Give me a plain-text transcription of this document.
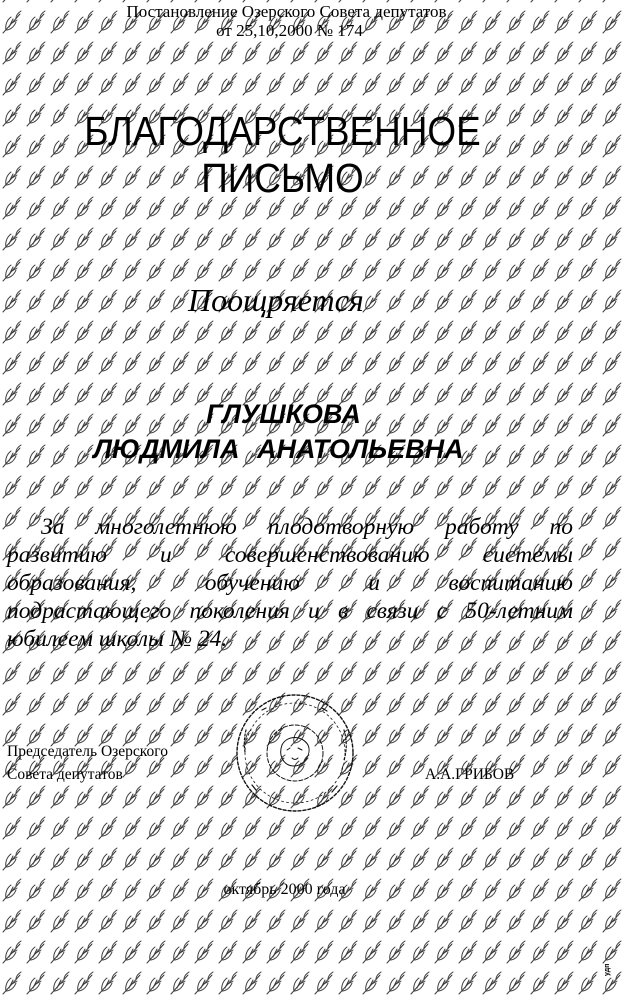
Постановление Озерского Совета депутатов
от 25,10,2000 № 174
БЛАГОДАРСТВЕННОЕ
ПИСЬМО
Поощряется
ГЛУШКОВА
ЛЮДМИЛА АНАТОЛЬЕВНА
За многолетнюю плодотворную работу по
развитию и совершенствованию системы
образования, обучению и воспитанию
подрастающего поколения и в связи с 50-летним
юбилеем школы № 24.
Председатель Озерского
Совета депутатов	А.А.ГРИБОВ
октябрь 2000 года
удп
